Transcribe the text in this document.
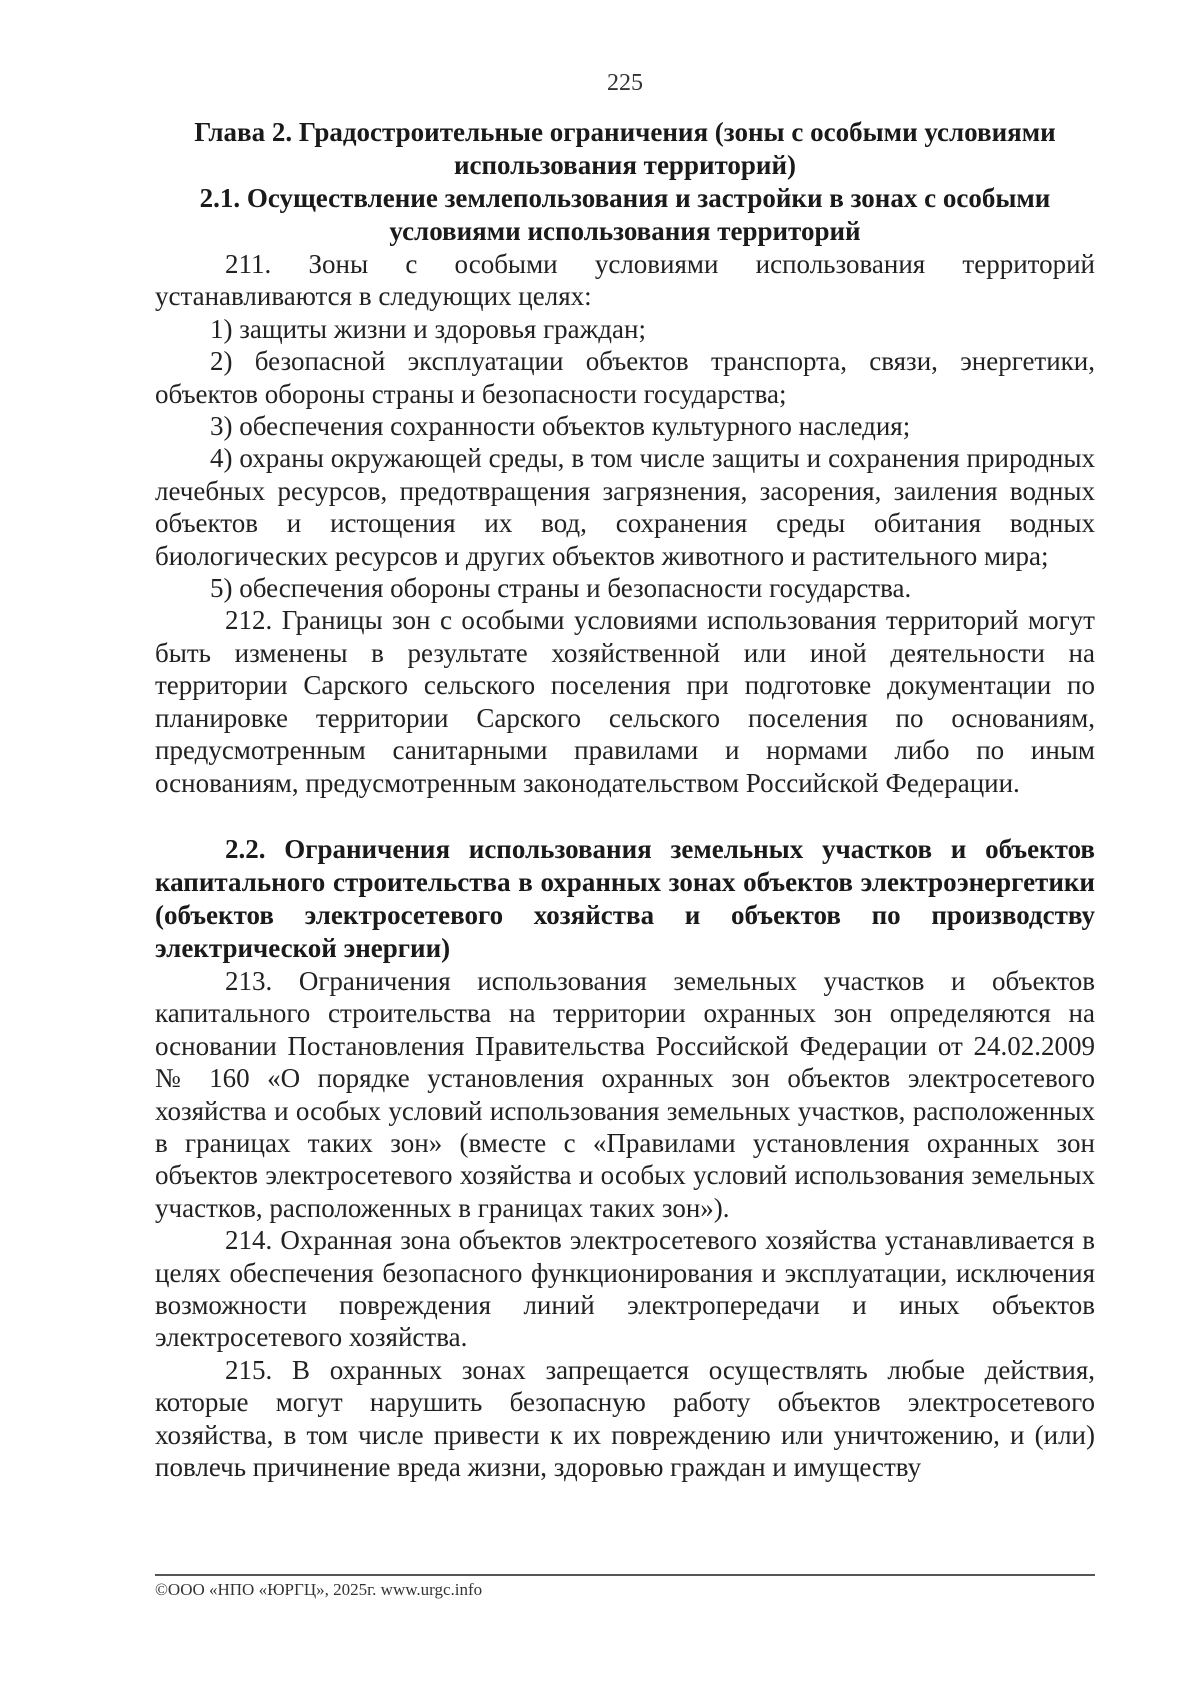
225

Глава 2. Градостроительные ограничения (зоны с особыми условиями использования территорий)

2.1. Осуществление землепользования и застройки в зонах с особыми условиями использования территорий

211. Зоны с особыми условиями использования территорий устанавливаются в следующих целях:

1) защиты жизни и здоровья граждан;

2) безопасной эксплуатации объектов транспорта, связи, энергетики, объектов обороны страны и безопасности государства;

3) обеспечения сохранности объектов культурного наследия;

4) охраны окружающей среды, в том числе защиты и сохранения природных лечебных ресурсов, предотвращения загрязнения, засорения, заиления водных объектов и истощения их вод, сохранения среды обитания водных биологических ресурсов и других объектов животного и растительного мира;

5) обеспечения обороны страны и безопасности государства.

212. Границы зон с особыми условиями использования территорий могут быть изменены в результате хозяйственной или иной деятельности на территории Сарского сельского поселения при подготовке документации по планировке территории Сарского сельского поселения по основаниям, предусмотренным санитарными правилами и нормами либо по иным основаниям, предусмотренным законодательством Российской Федерации.

2.2. Ограничения использования земельных участков и объектов капитального строительства в охранных зонах объектов электроэнергетики (объектов электросетевого хозяйства и объектов по производству электрической энергии)

213. Ограничения использования земельных участков и объектов капитального строительства на территории охранных зон определяются на основании Постановления Правительства Российской Федерации от 24.02.2009 № 160 «О порядке установления охранных зон объектов электросетевого хозяйства и особых условий использования земельных участков, расположенных в границах таких зон» (вместе с «Правилами установления охранных зон объектов электросетевого хозяйства и особых условий использования земельных участков, расположенных в границах таких зон»).

214. Охранная зона объектов электросетевого хозяйства устанавливается в целях обеспечения безопасного функционирования и эксплуатации, исключения возможности повреждения линий электропередачи и иных объектов электросетевого хозяйства.

215. В охранных зонах запрещается осуществлять любые действия, которые могут нарушить безопасную работу объектов электросетевого хозяйства, в том числе привести к их повреждению или уничтожению, и (или) повлечь причинение вреда жизни, здоровью граждан и имуществу

©ООО «НПО «ЮРГЦ», 2025г. www.urgc.info
